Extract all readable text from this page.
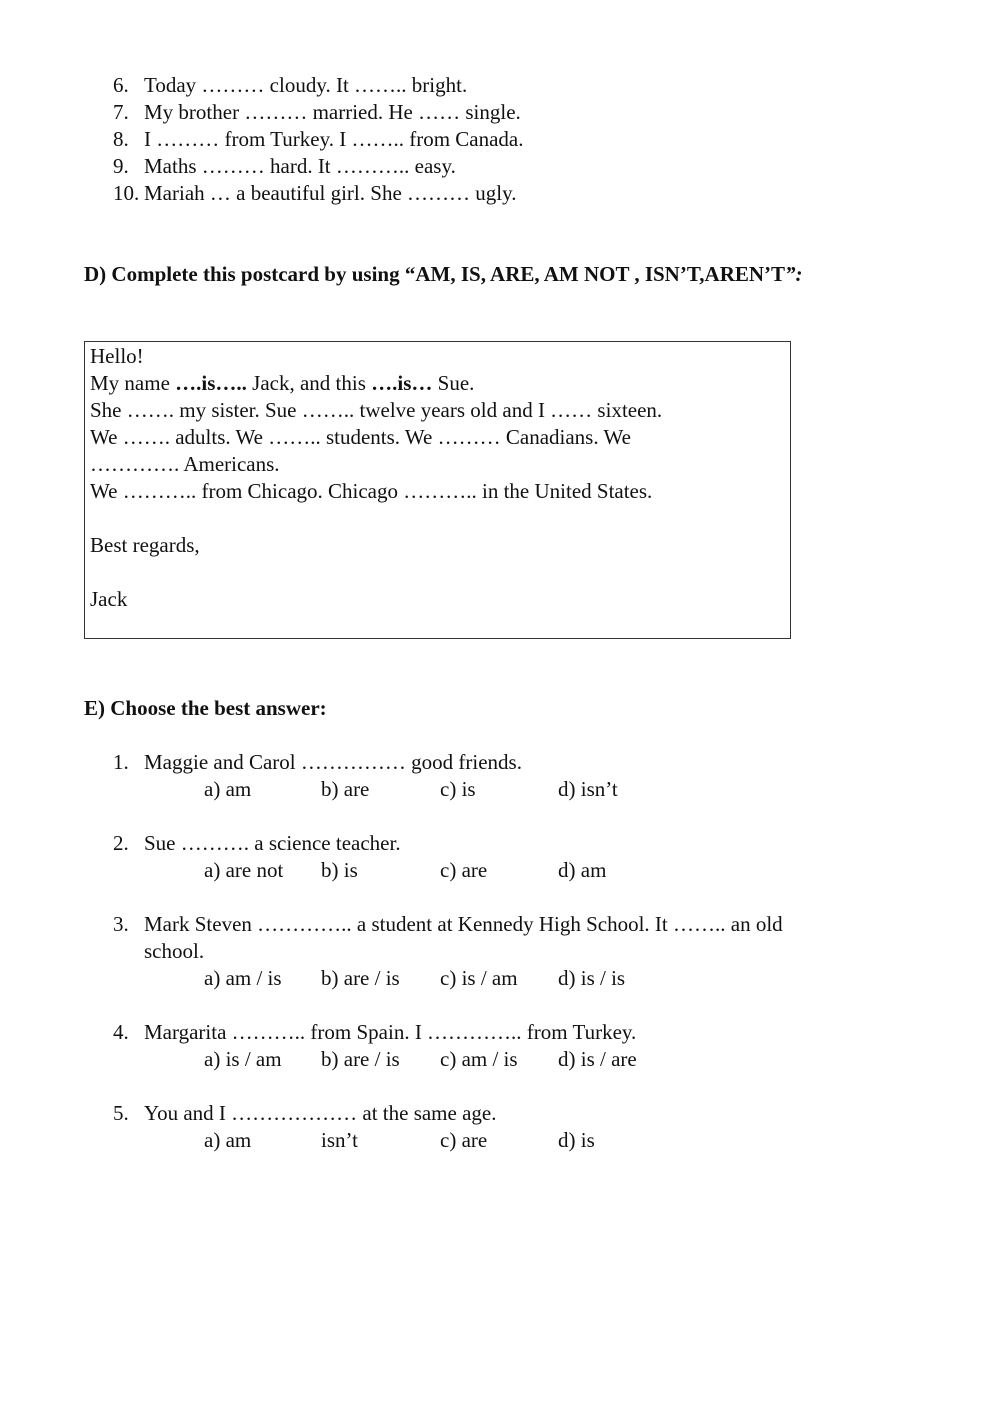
6. Today ……… cloudy. It …….. bright.
7. My brother ……… married. He …… single.
8. I ……… from Turkey. I …….. from Canada.
9. Maths ……… hard. It ……….. easy.
10. Mariah … a beautiful girl. She ……… ugly.
D) Complete this postcard by using “AM, IS, ARE, AM NOT , ISN’T,AREN’T”:
Hello!
My name ….is….. Jack, and this ….is… Sue.
She ……. my sister. Sue …….. twelve years old and I …… sixteen.
We ……. adults. We …….. students. We ……… Canadians. We
…………. Americans.
We ……….. from Chicago. Chicago ……….. in the United States.
Best regards,
Jack
E) Choose the best answer:
1. Maggie and Carol …………… good friends.
a) am	b) are	c) is	d) isn’t
2. Sue ………. a science teacher.
a) are not b) is	c) are	d) am
3. Mark Steven ………….. a student at Kennedy High School. It …….. an old
school.
a) am / is b) are / is c) is / am d) is / is
4. Margarita ……….. from Spain. I ………….. from Turkey.
a) is / am b) are / is c) am / is d) is / are
5. You and I ……………… at the same age.
a) am	isn’t	c) are	d) is
